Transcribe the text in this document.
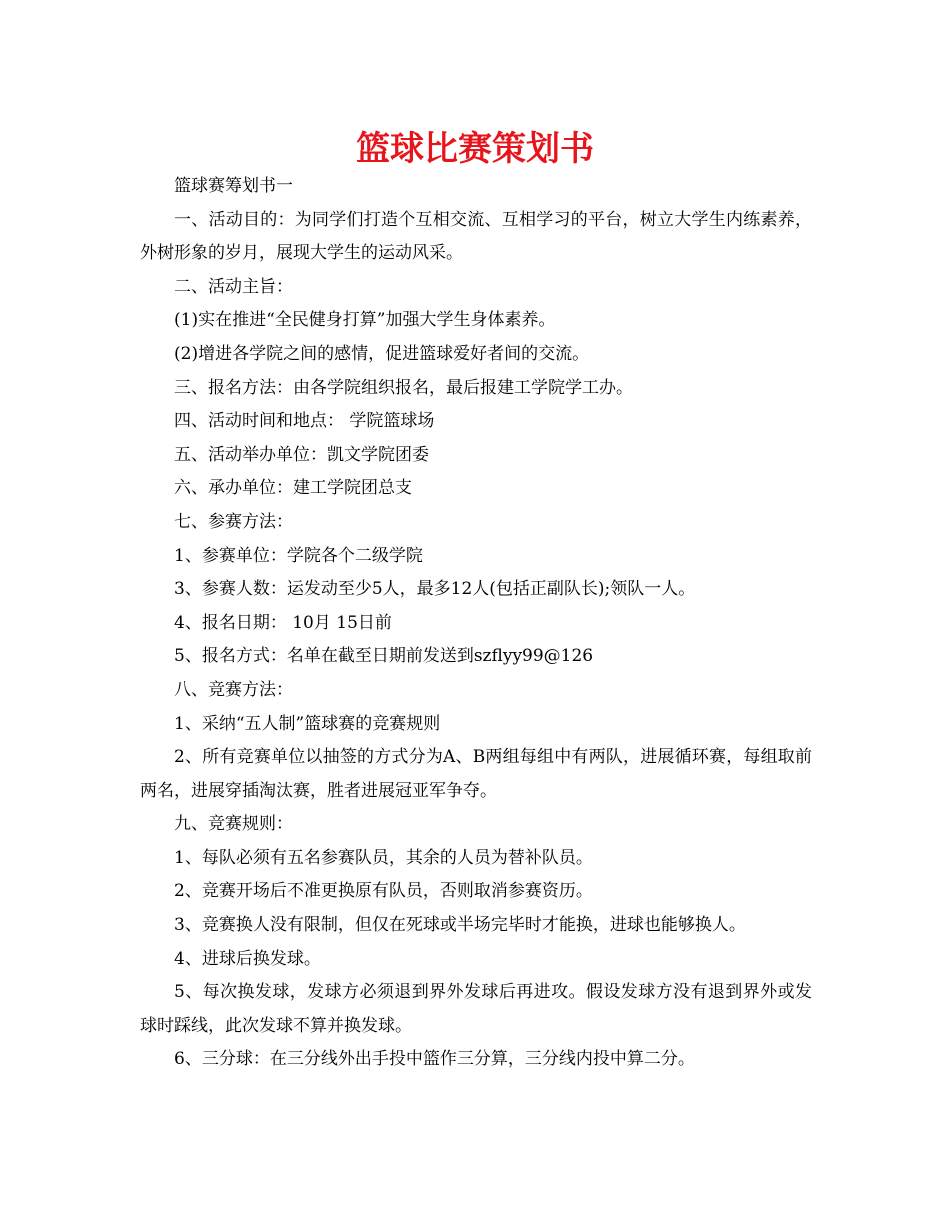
篮球比赛策划书

篮球赛筹划书一

一、活动目的：为同学们打造个互相交流、互相学习的平台，树立大学生内练素养，外树形象的岁月，展现大学生的运动风采。

二、活动主旨：

(1)实在推进“全民健身打算”加强大学生身体素养。

(2)增进各学院之间的感情，促进篮球爱好者间的交流。

三、报名方法：由各学院组织报名，最后报建工学院学工办。

四、活动时间和地点： 学院篮球场

五、活动举办单位：凯文学院团委

六、承办单位：建工学院团总支

七、参赛方法：

1、参赛单位：学院各个二级学院

3、参赛人数：运发动至少5人，最多12人(包括正副队长);领队一人。

4、报名日期： 10月 15日前

5、报名方式：名单在截至日期前发送到szflyy99@126

八、竞赛方法：

1、采纳“五人制”篮球赛的竞赛规则

2、所有竞赛单位以抽签的方式分为A、B两组每组中有两队，进展循环赛，每组取前两名，进展穿插淘汰赛，胜者进展冠亚军争夺。

九、竞赛规则：

1、每队必须有五名参赛队员，其余的人员为替补队员。

2、竞赛开场后不准更换原有队员，否则取消参赛资历。

3、竞赛换人没有限制，但仅在死球或半场完毕时才能换，进球也能够换人。

4、进球后换发球。

5、每次换发球，发球方必须退到界外发球后再进攻。假设发球方没有退到界外或发球时踩线，此次发球不算并换发球。

6、三分球：在三分线外出手投中篮作三分算，三分线内投中算二分。
